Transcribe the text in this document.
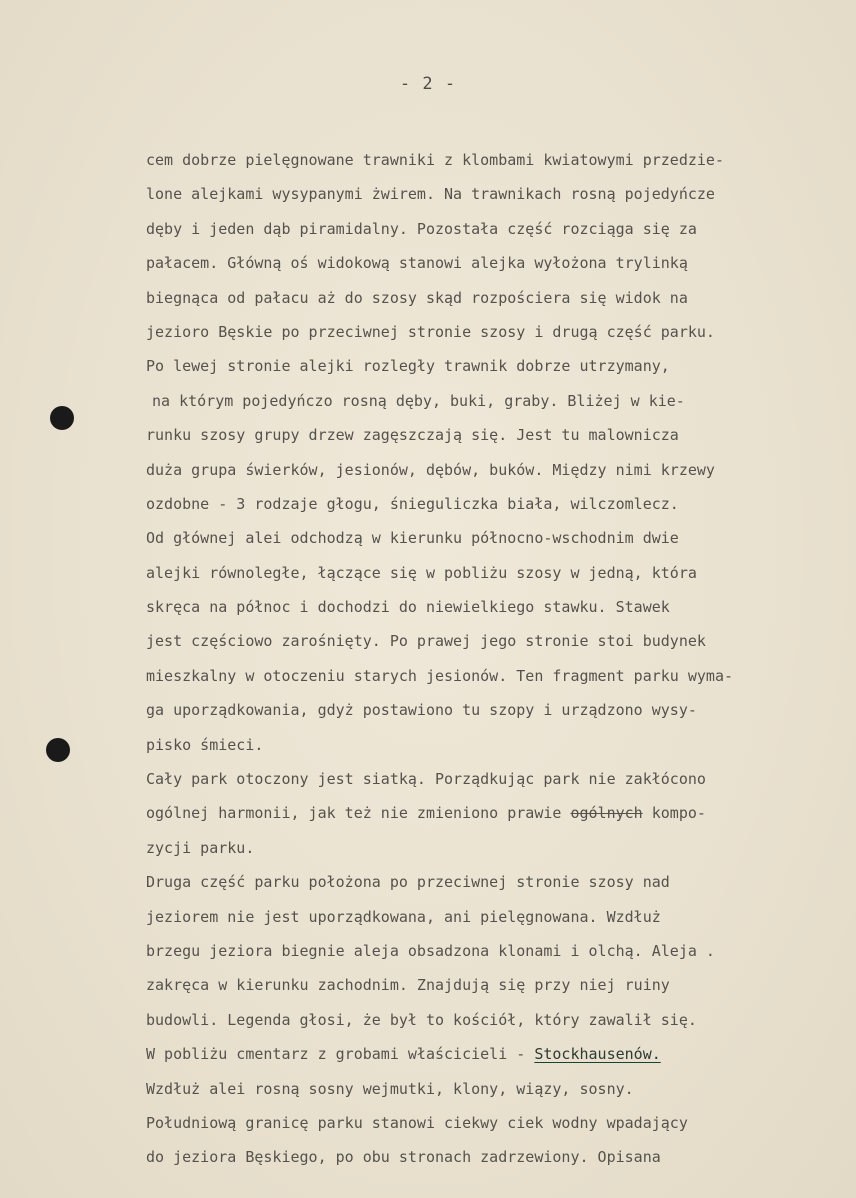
- 2 -
cem dobrze pielęgnowane trawniki z klombami kwiatowymi przedzie-
lone alejkami wysypanymi żwirem. Na trawnikach rosną pojedyńcze
dęby i jeden dąb piramidalny. Pozostała część rozciąga się za
pałacem. Główną oś widokową stanowi alejka wyłożona trylinką
biegnąca od pałacu aż do szosy skąd rozpościera się widok na
jezioro Bęskie po przeciwnej stronie szosy i drugą część parku.
Po lewej stronie alejki rozległy trawnik dobrze utrzymany,
na którym pojedyńczo rosną dęby, buki, graby. Bliżej w kie-
runku szosy grupy drzew zagęszczają się. Jest tu malownicza
duża grupa świerków, jesionów, dębów, buków. Między nimi krzewy
ozdobne - 3 rodzaje głogu, śnieguliczka biała, wilczomlecz.
Od głównej alei odchodzą w kierunku północno-wschodnim dwie
alejki równoległe, łączące się w pobliżu szosy w jedną, która
skręca na północ i dochodzi do niewielkiego stawku. Stawek
jest częściowo zarośnięty. Po prawej jego stronie stoi budynek
mieszkalny w otoczeniu starych jesionów. Ten fragment parku wyma-
ga uporządkowania, gdyż postawiono tu szopy i urządzono wysy-
pisko śmieci.
Cały park otoczony jest siatką. Porządkując park nie zakłócono
ogólnej harmonii, jak też nie zmieniono prawie ogólnych kompo-
zycji parku.
Druga część parku położona po przeciwnej stronie szosy nad
jeziorem nie jest uporządkowana, ani pielęgnowana. Wzdłuż
brzegu jeziora biegnie aleja obsadzona klonami i olchą. Aleja .
zakręca w kierunku zachodnim. Znajdują się przy niej ruiny
budowli. Legenda głosi, że był to kościół, który zawalił się.
W pobliżu cmentarz z grobami właścicieli - Stockhausenów.
Wzdłuż alei rosną sosny wejmutki, klony, wiązy, sosny.
Południową granicę parku stanowi ciekwy ciek wodny wpadający
do jeziora Bęskiego, po obu stronach zadrzewiony. Opisana
